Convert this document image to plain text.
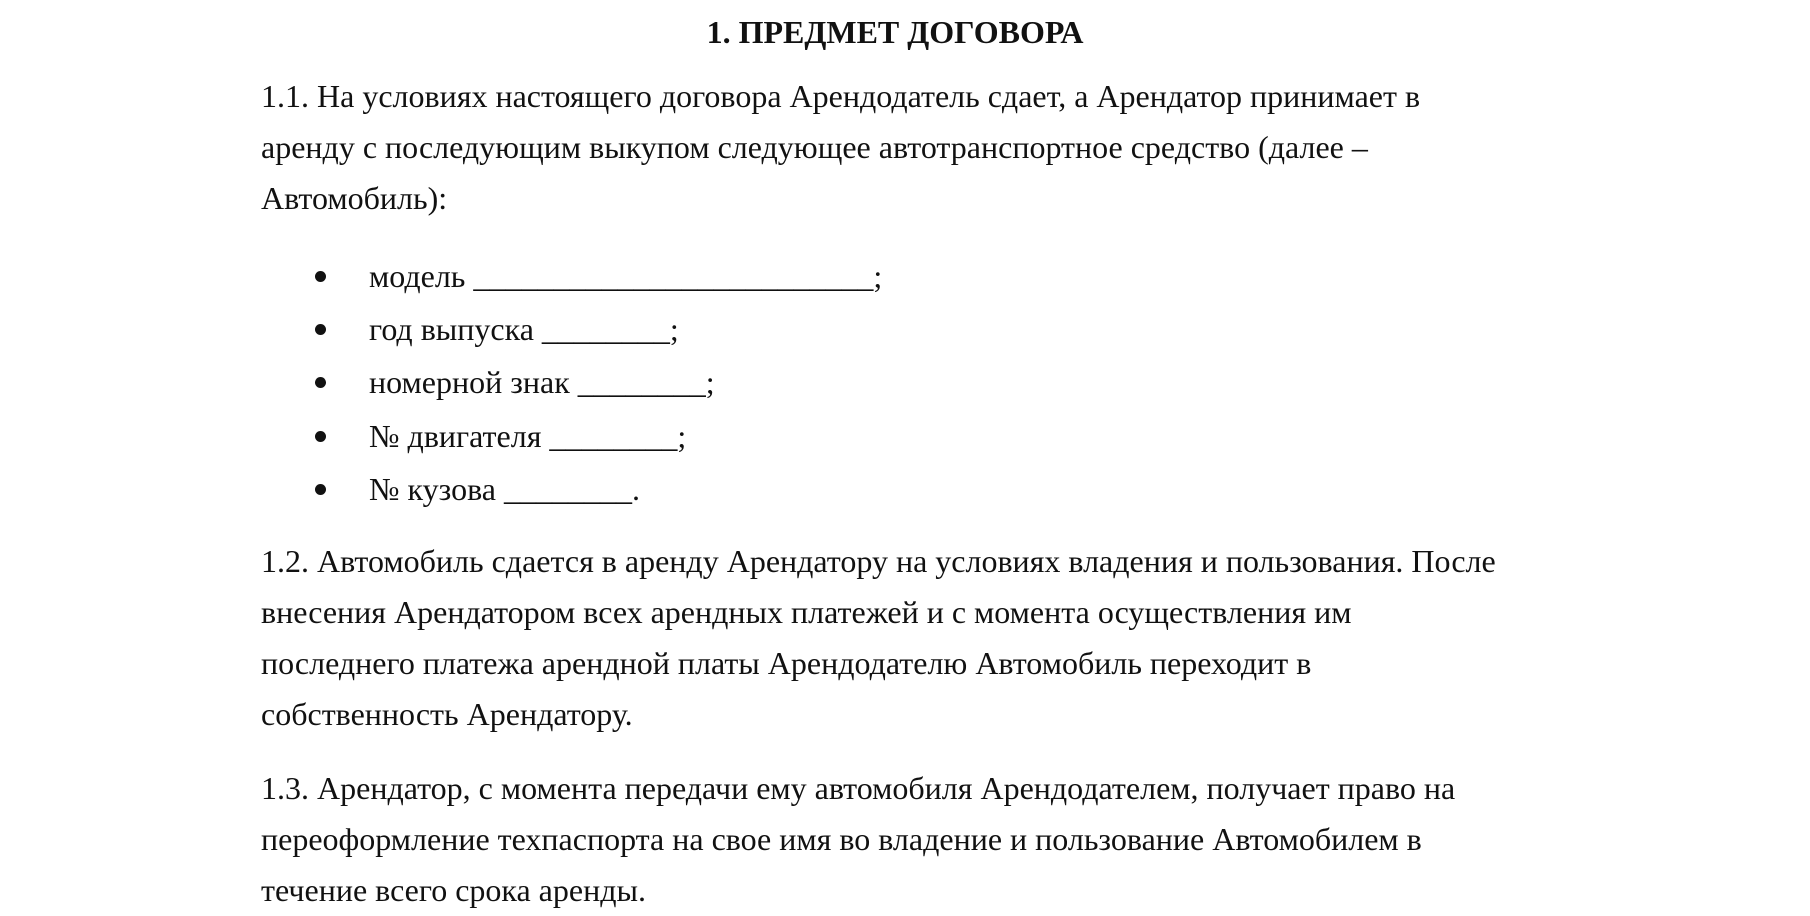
1. ПРЕДМЕТ ДОГОВОРА

1.1. На условиях настоящего договора Арендодатель сдает, а Арендатор принимает в
аренду с последующим выкупом следующее автотранспортное средство (далее –
Автомобиль):

модель _________________________;
год выпуска ________;
номерной знак ________;
№ двигателя ________;
№ кузова ________.

1.2. Автомобиль сдается в аренду Арендатору на условиях владения и пользования. После
внесения Арендатором всех арендных платежей и с момента осуществления им
последнего платежа арендной платы Арендодателю Автомобиль переходит в
собственность Арендатору.

1.3. Арендатор, с момента передачи ему автомобиля Арендодателем, получает право на
переоформление техпаспорта на свое имя во владение и пользование Автомобилем в
течение всего срока аренды.
